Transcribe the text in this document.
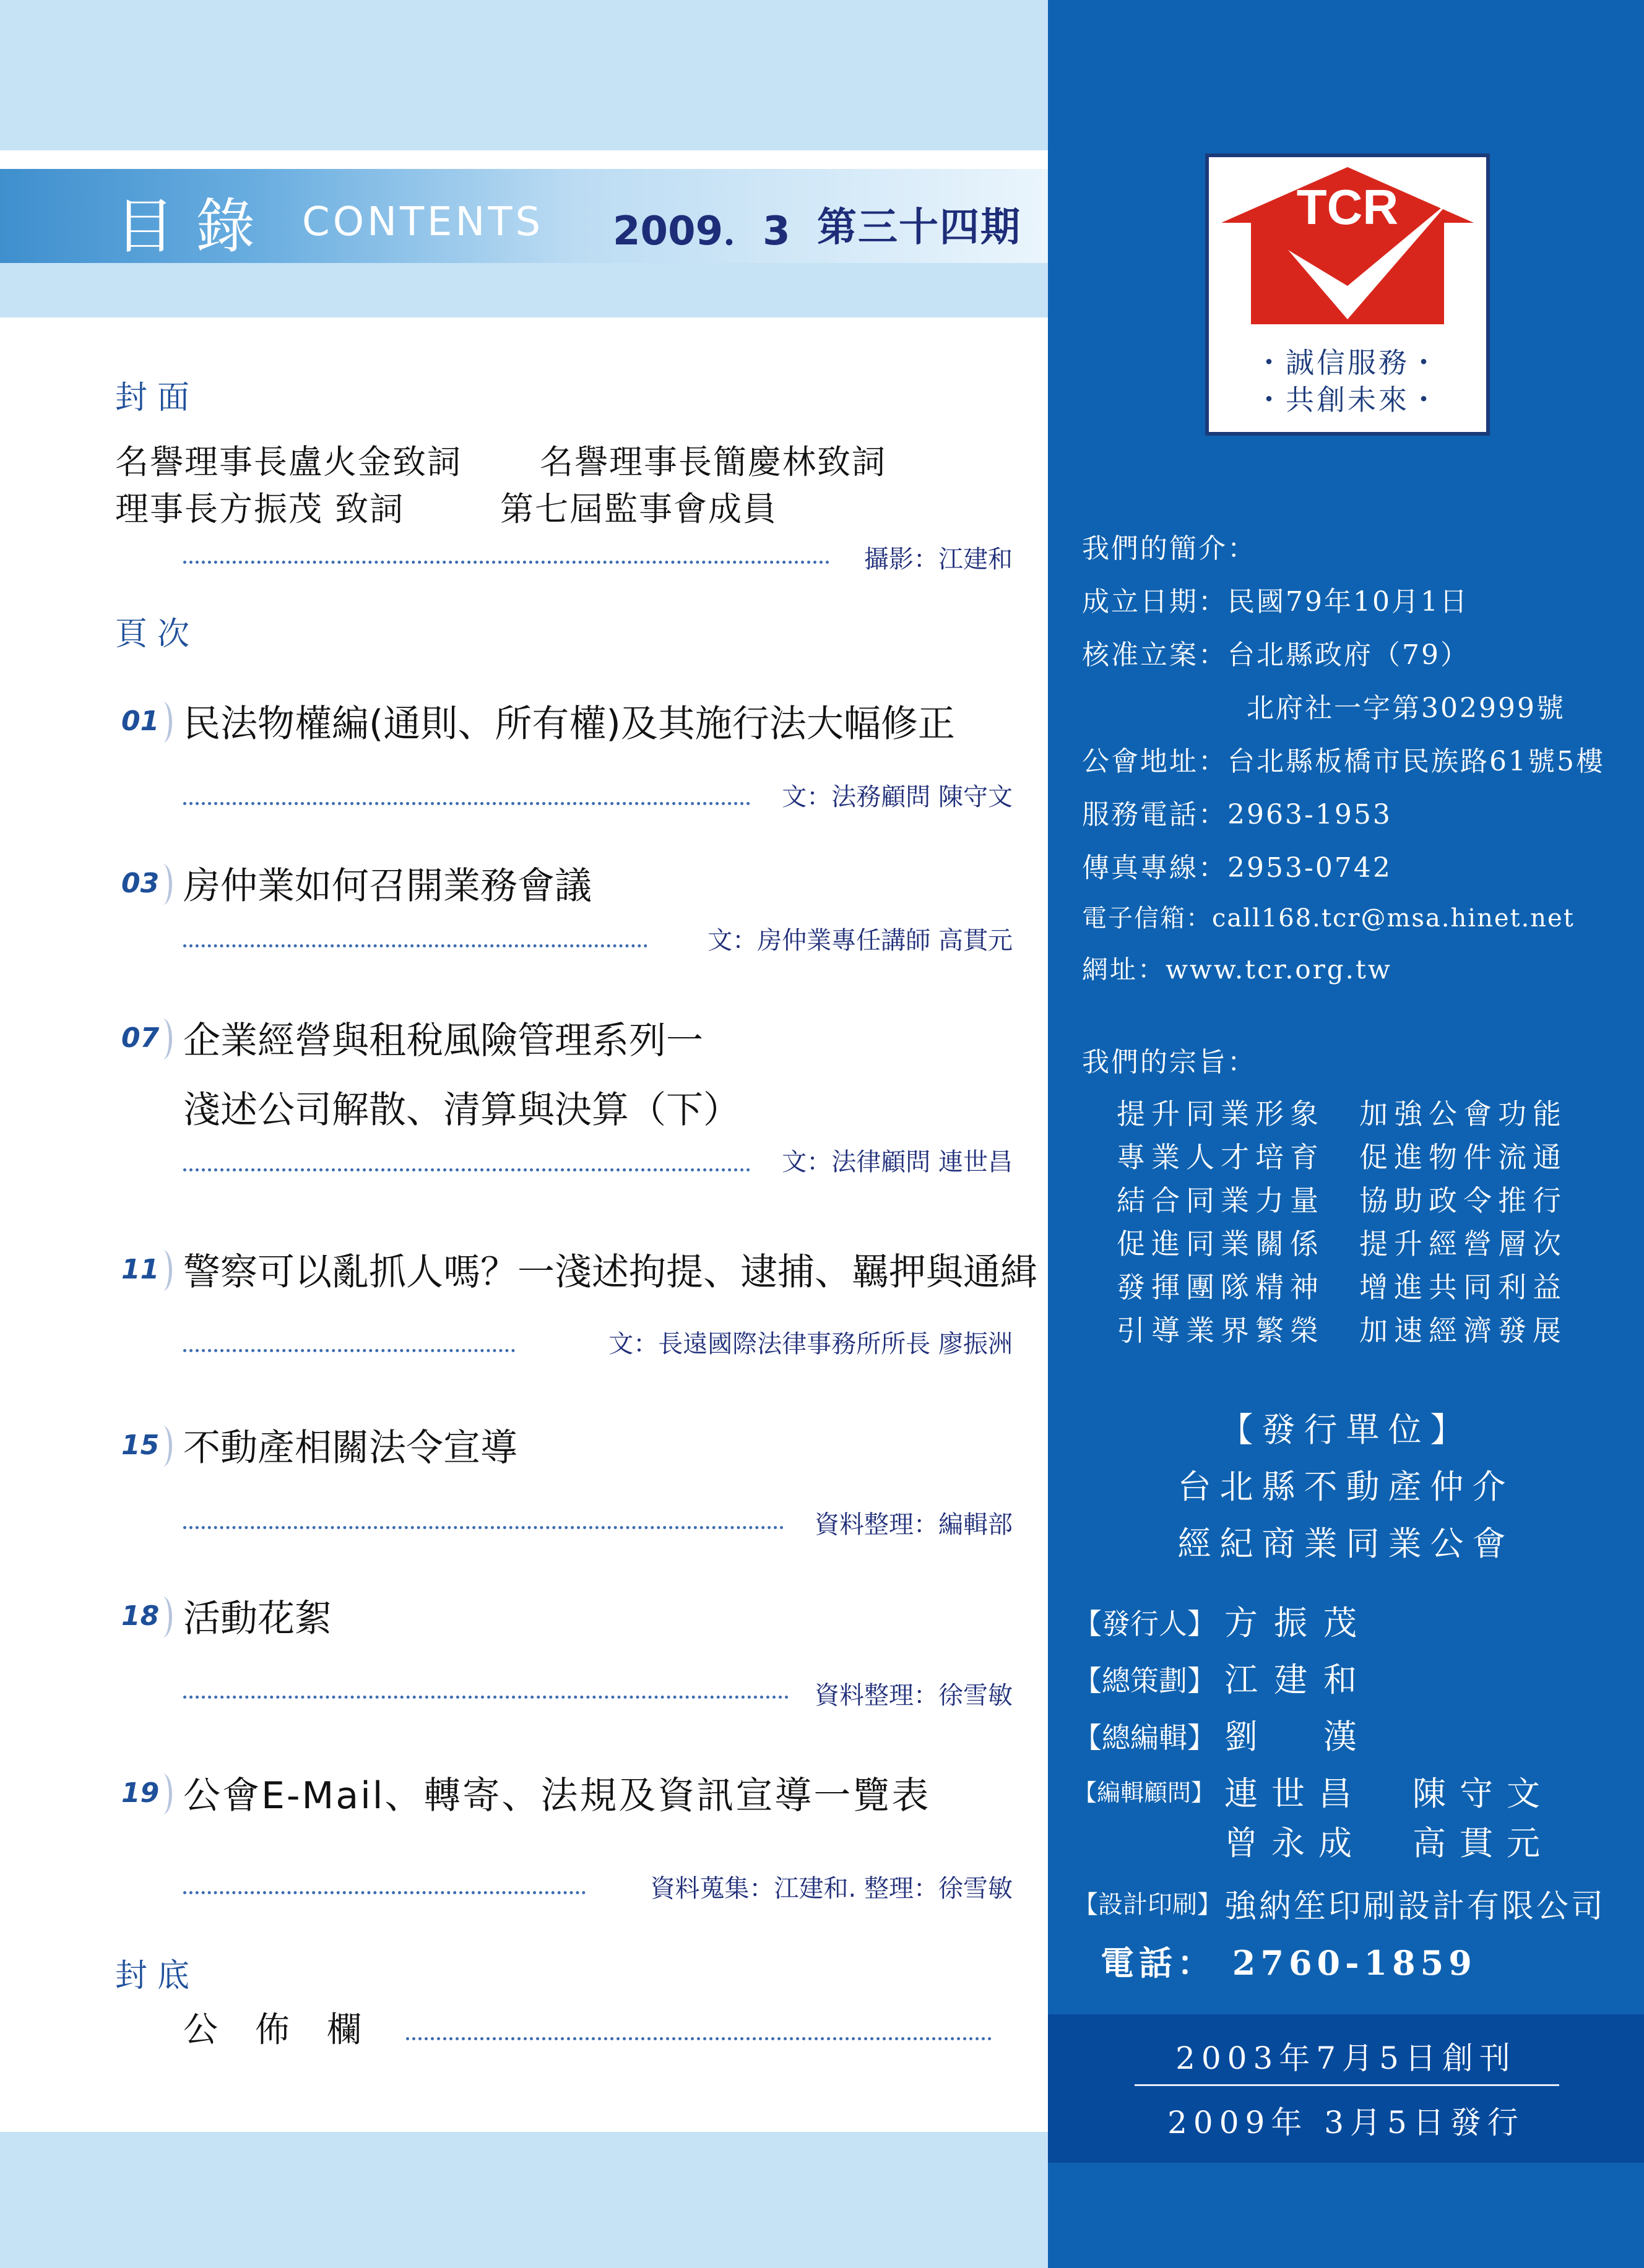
目錄 CONTENTS 2009．3 第三十四期
封面
名譽理事長盧火金致詞 名譽理事長簡慶林致詞
理事長方振茂 致詞	第七屆監事會成員
攝影：江建和
頁次
01 民法物權編(通則、所有權)及其施行法大幅修正
文：法務顧問 陳守文
03 房仲業如何召開業務會議
文：房仲業專任講師 高貫元
07 企業經營與租稅風險管理系列一
淺述公司解散、清算與決算（下）
文：法律顧問 連世昌
11 警察可以亂抓人嗎？一淺述拘提、逮捕、羈押與通緝
文：長遠國際法律事務所所長 廖振洲
15 不動產相關法令宣導
資料整理：編輯部
18 活動花絮
資料整理：徐雪敏
19 公會E-Mail、轉寄、法規及資訊宣導一覽表
資料蒐集：江建和. 整理：徐雪敏
封底
公佈欄
TCR
・誠信服務・
・共創未來・
我們的簡介：
成立日期：民國79年10月1日
核准立案：台北縣政府（79）
北府社一字第302999號
公會地址：台北縣板橋市民族路61號5樓
服務電話：2963-1953
傳真專線：2953-0742
電子信箱：call168.tcr@msa.hinet.net
網址：www.tcr.org.tw
我們的宗旨：
提升同業形象　加強公會功能
專業人才培育　促進物件流通
結合同業力量　協助政令推行
促進同業關係　提升經營層次
發揮團隊精神　增進共同利益
引導業界繁榮　加速經濟發展
【發行單位】
台北縣不動產仲介
經紀商業同業公會
【發行人】 方振茂
【總策劃】 江建和
【總編輯】 劉　漢
【編輯顧問】 連世昌　陳守文
曾永成　高貫元
【設計印刷】 強納笙印刷設計有限公司
電話： 2760-1859
2003年7月5日創刊
2009年 3月5日發行
